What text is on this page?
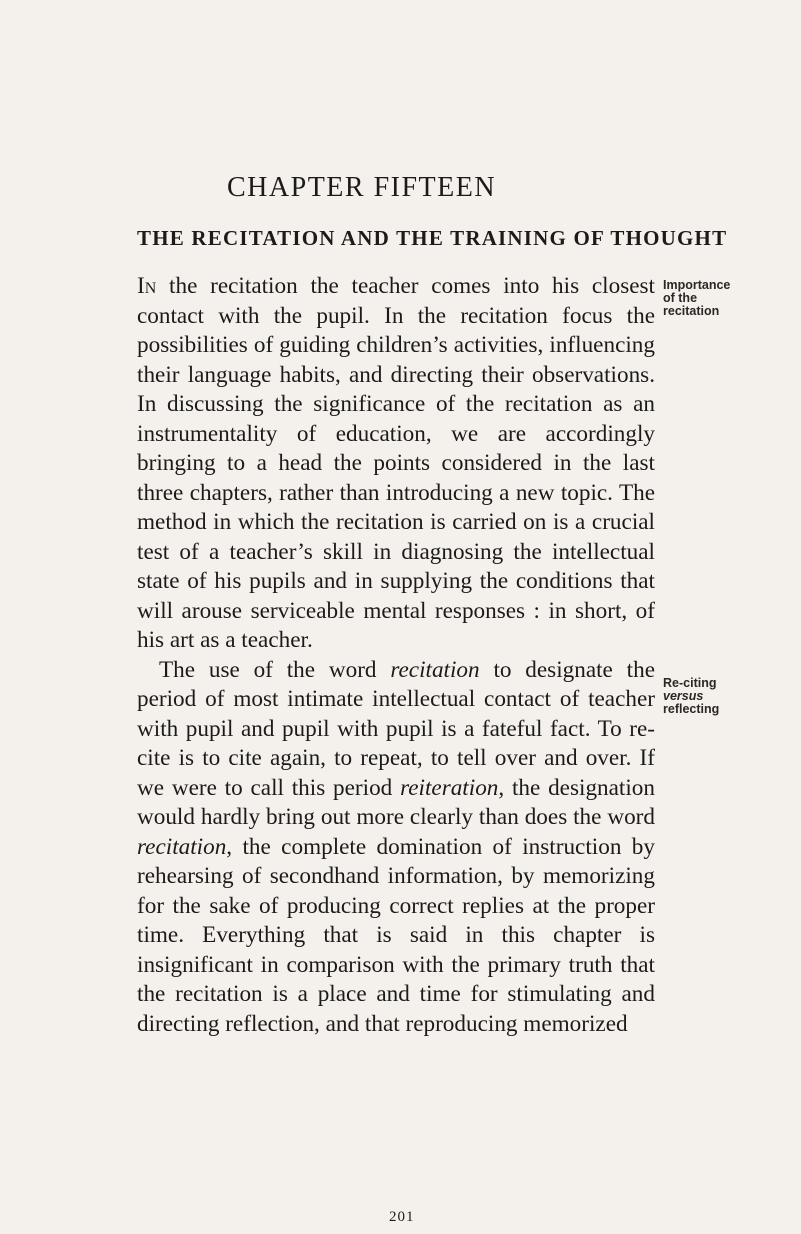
CHAPTER FIFTEEN
THE RECITATION AND THE TRAINING OF THOUGHT

In the recitation the teacher comes into his closest contact with the pupil. In the recitation focus the possibilities of guiding children’s activities, influencing their language habits, and directing their observations. In discussing the significance of the recitation as an instrumentality of education, we are accordingly bringing to a head the points considered in the last three chapters, rather than introducing a new topic. The method in which the recitation is carried on is a crucial test of a teacher’s skill in diagnosing the intellectual state of his pupils and in supplying the conditions that will arouse serviceable mental responses : in short, of his art as a teacher.

The use of the word recitation to designate the period of most intimate intellectual contact of teacher with pupil and pupil with pupil is a fateful fact. To re-cite is to cite again, to repeat, to tell over and over. If we were to call this period reiteration, the designation would hardly bring out more clearly than does the word recitation, the complete domination of instruction by rehearsing of secondhand information, by memorizing for the sake of producing correct replies at the proper time. Everything that is said in this chapter is insignificant in comparison with the primary truth that the recitation is a place and time for stimulating and directing reflection, and that reproducing memorized

Importance
of the
recitation
Re-citing
versus
reflecting
201
